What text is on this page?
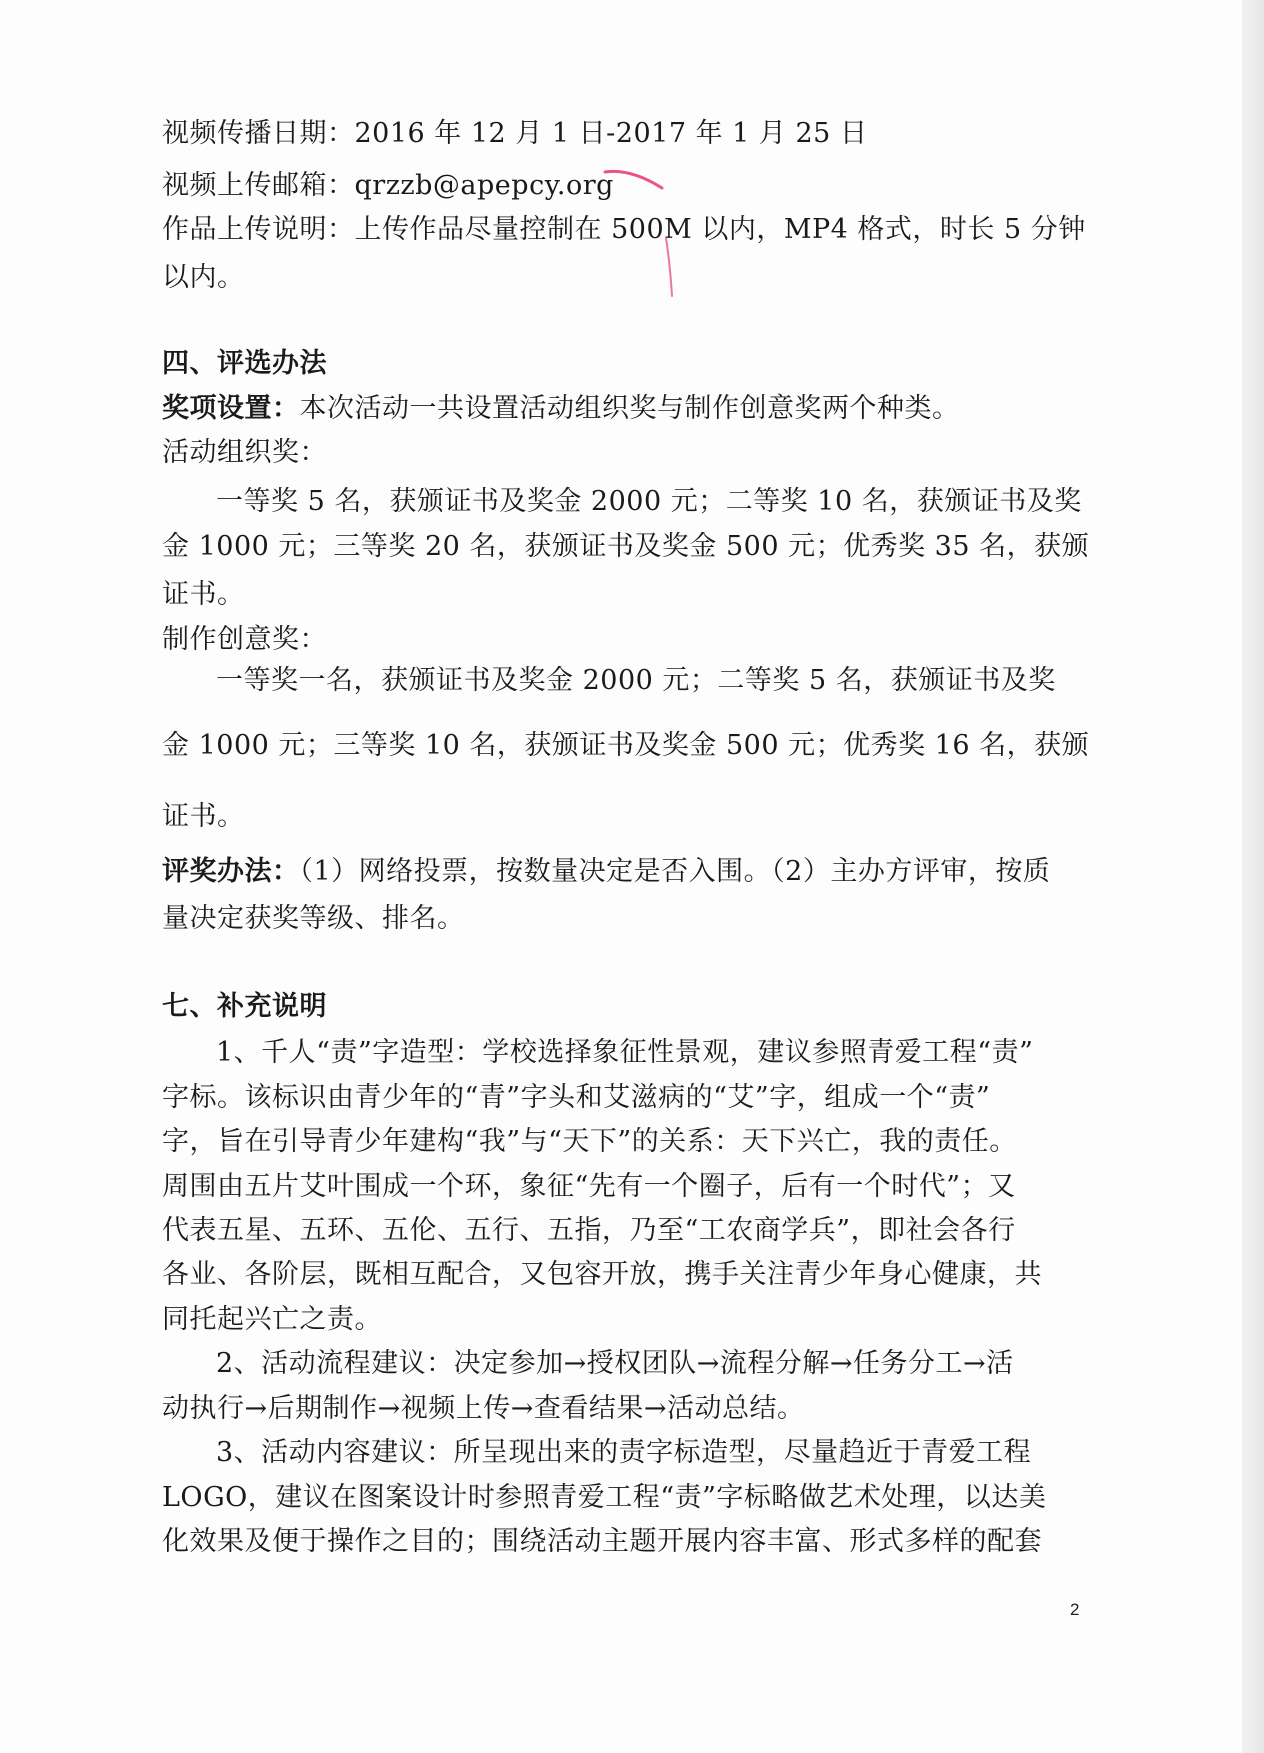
视频传播日期：2016 年 12 月 1 日-2017 年 1 月 25 日
视频上传邮箱：qrzzb@apepcy.org
作品上传说明：上传作品尽量控制在 500M 以内，MP4 格式，时长 5 分钟
以内。
四、评选办法
奖项设置：本次活动一共设置活动组织奖与制作创意奖两个种类。
活动组织奖：
一等奖 5 名，获颁证书及奖金 2000 元；二等奖 10 名，获颁证书及奖
金 1000 元；三等奖 20 名，获颁证书及奖金 500 元；优秀奖 35 名，获颁
证书。
制作创意奖：
一等奖一名，获颁证书及奖金 2000 元；二等奖 5 名，获颁证书及奖
金 1000 元；三等奖 10 名，获颁证书及奖金 500 元；优秀奖 16 名，获颁
证书。
评奖办法：（1）网络投票，按数量决定是否入围。（2）主办方评审，按质
量决定获奖等级、排名。
七、补充说明
1、千人“责”字造型：学校选择象征性景观，建议参照青爱工程“责”
字标。该标识由青少年的“青”字头和艾滋病的“艾”字，组成一个“责”
字，旨在引导青少年建构“我”与“天下”的关系：天下兴亡，我的责任。
周围由五片艾叶围成一个环，象征“先有一个圈子，后有一个时代”；又
代表五星、五环、五伦、五行、五指，乃至“工农商学兵”，即社会各行
各业、各阶层，既相互配合，又包容开放，携手关注青少年身心健康，共
同托起兴亡之责。
2、活动流程建议：决定参加→授权团队→流程分解→任务分工→活
动执行→后期制作→视频上传→查看结果→活动总结。
3、活动内容建议：所呈现出来的责字标造型，尽量趋近于青爱工程
LOGO，建议在图案设计时参照青爱工程“责”字标略做艺术处理，以达美
化效果及便于操作之目的；围绕活动主题开展内容丰富、形式多样的配套
2
